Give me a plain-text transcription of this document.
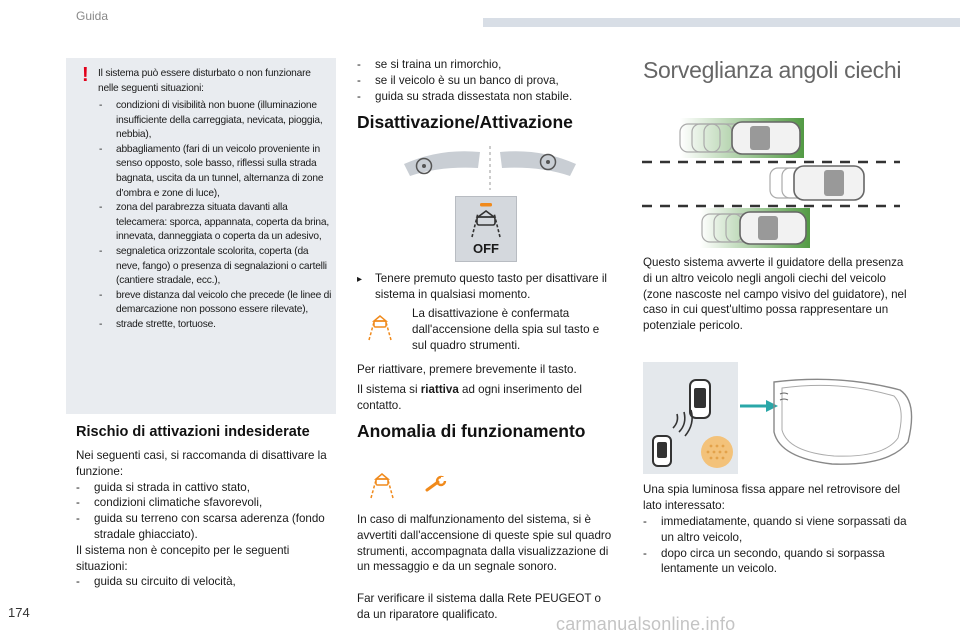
Guida
! Il sistema può essere disturbato o non funzionare nelle seguenti situazioni:
- condizioni di visibilità non buone (illuminazione insufficiente della carreggiata, nevicata, pioggia, nebbia),
- abbagliamento (fari di un veicolo proveniente in senso opposto, sole basso, riflessi sulla strada bagnata, uscita da un tunnel, alternanza di zone d'ombra e zone di luce),
- zona del parabrezza situata davanti alla telecamera: sporca, appannata, coperta da brina, innevata, danneggiata o coperta da un adesivo,
- segnaletica orizzontale scolorita, coperta (da neve, fango) o presenza di segnalazioni o cartelli (cantiere stradale, ecc.),
- breve distanza dal veicolo che precede (le linee di demarcazione non possono essere rilevate),
- strade strette, tortuose.
Rischio di attivazioni indesiderate
Nei seguenti casi, si raccomanda di disattivare la funzione:
- guida si strada in cattivo stato,
- condizioni climatiche sfavorevoli,
- guida su terreno con scarsa aderenza (fondo stradale ghiacciato).
Il sistema non è concepito per le seguenti situazioni:
- guida su circuito di velocità,
- se si traina un rimorchio,
- se il veicolo è su un banco di prova,
- guida su strada dissestata non stabile.
Disattivazione/Attivazione
OFF
▸ Tenere premuto questo tasto per disattivare il sistema in qualsiasi momento.
La disattivazione è confermata dall'accensione della spia sul tasto e sul quadro strumenti.
Per riattivare, premere brevemente il tasto.
Il sistema si riattiva ad ogni inserimento del contatto.
Anomalia di funzionamento
In caso di malfunzionamento del sistema, si è avvertiti dall'accensione di queste spie sul quadro strumenti, accompagnata dalla visualizzazione di un messaggio e da un segnale sonoro.
Far verificare il sistema dalla Rete PEUGEOT o da un riparatore qualificato.
Sorveglianza angoli ciechi
Questo sistema avverte il guidatore della presenza di un altro veicolo negli angoli ciechi del veicolo (zone nascoste nel campo visivo del guidatore), nel caso in cui quest'ultimo possa rappresentare un potenziale pericolo.
Una spia luminosa fissa appare nel retrovisore del lato interessato:
- immediatamente, quando si viene sorpassati da un altro veicolo,
- dopo circa un secondo, quando si sorpassa lentamente un veicolo.
174
carmanualsonline.info
